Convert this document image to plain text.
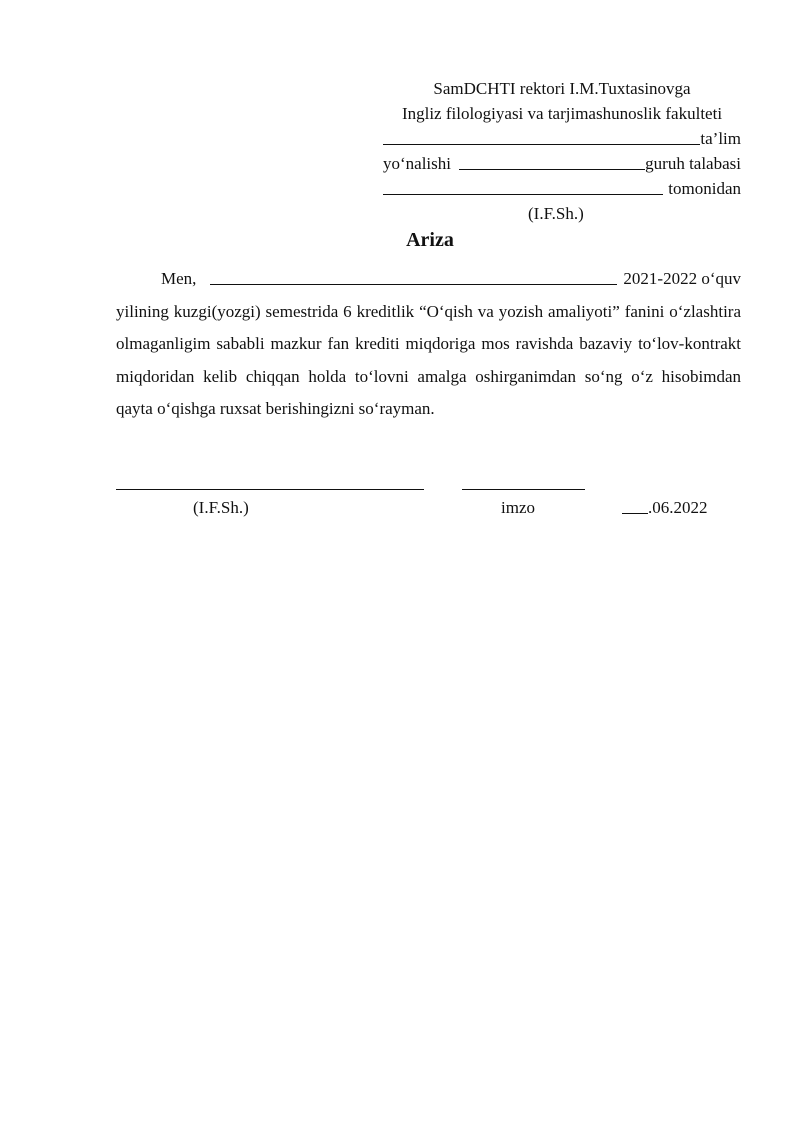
SamDCHTI rektori I.M.Tuxtasinovga
Ingliz filologiyasi va tarjimashunoslik fakulteti
ta’lim
yo‘nalishi	guruh talabasi
tomonidan
(I.F.Sh.)
Ariza
Men,	2021-2022 o‘quv
yilining kuzgi(yozgi) semestrida 6 kreditlik “O‘qish va yozish amaliyoti” fanini o‘zlashtira olmaganligim sababli mazkur fan krediti miqdoriga mos ravishda bazaviy to‘lov-kontrakt miqdoridan kelib chiqqan holda to‘lovni amalga oshirganimdan so‘ng o‘z hisobimdan qayta o‘qishga ruxsat berishingizni so‘rayman.
(I.F.Sh.)	imzo	.06.2022
